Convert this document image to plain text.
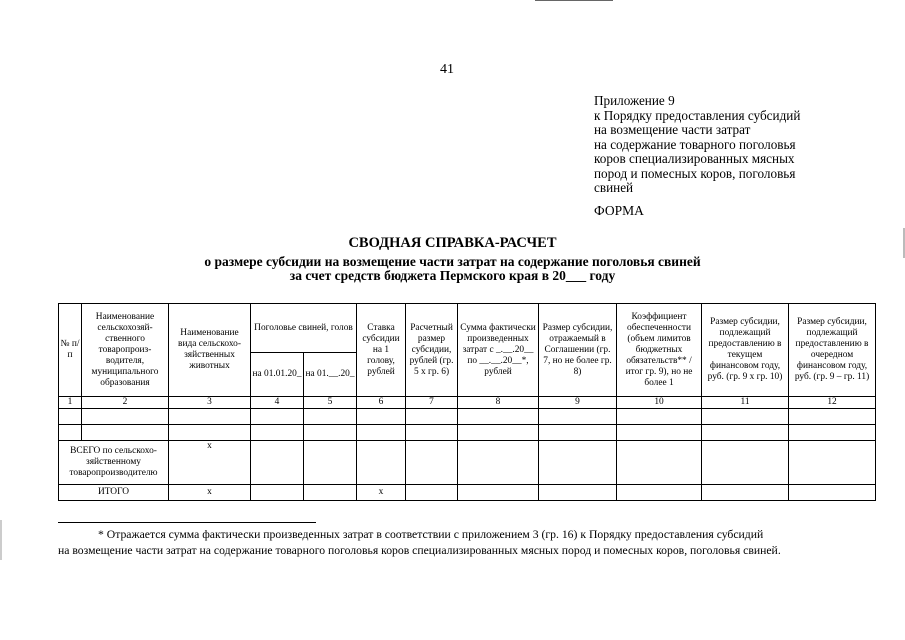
41
Приложение 9
к Порядку предоставления субсидий
на возмещение части затрат
на содержание товарного поголовья
коров специализированных мясных
пород и помесных коров, поголовья
свиней
ФОРМА
СВОДНАЯ СПРАВКА-РАСЧЕТ
о размере субсидии на возмещение части затрат на содержание поголовья свиней
за счет средств бюджета Пермского края в 20___ году
№ п/п	Наименование сельскохозяй-ственного товаропроиз-водителя, муниципального образования	Наименование вида сельскохо-зяйственных животных	Поголовье свиней, голов		Ставка субсидии на 1 голову, рублей	Расчетный размер субсидии, рублей (гр. 5 х гр. 6)	Сумма фактически произведенных затрат с _.__.20__ по __.__.20__*, рублей	Размер субсидии, отражаемый в Соглашении (гр. 7, но не более гр. 8)	Коэффициент обеспеченности (объем лимитов бюджетных обязательств** / итог гр. 9), но не более 1	Размер субсидии, подлежащий предоставлению в текущем финансовом году, руб. (гр. 9 х гр. 10)	Размер субсидии, подлежащий предоставлению в очередном финансовом году, руб. (гр. 9 – гр. 11)
			на 01.01.20_	на 01.__.20_							
1	2	3	4	5	6	7	8	9	10	11	12

ВСЕГО по сельскохо-зяйственному товаропроизводителю		х									
ИТОГО		х			х						
* Отражается сумма фактически произведенных затрат в соответствии с приложением 3 (гр. 16) к Порядку предоставления субсидий
на возмещение части затрат на содержание товарного поголовья коров специализированных мясных пород и помесных коров, поголовья свиней.
